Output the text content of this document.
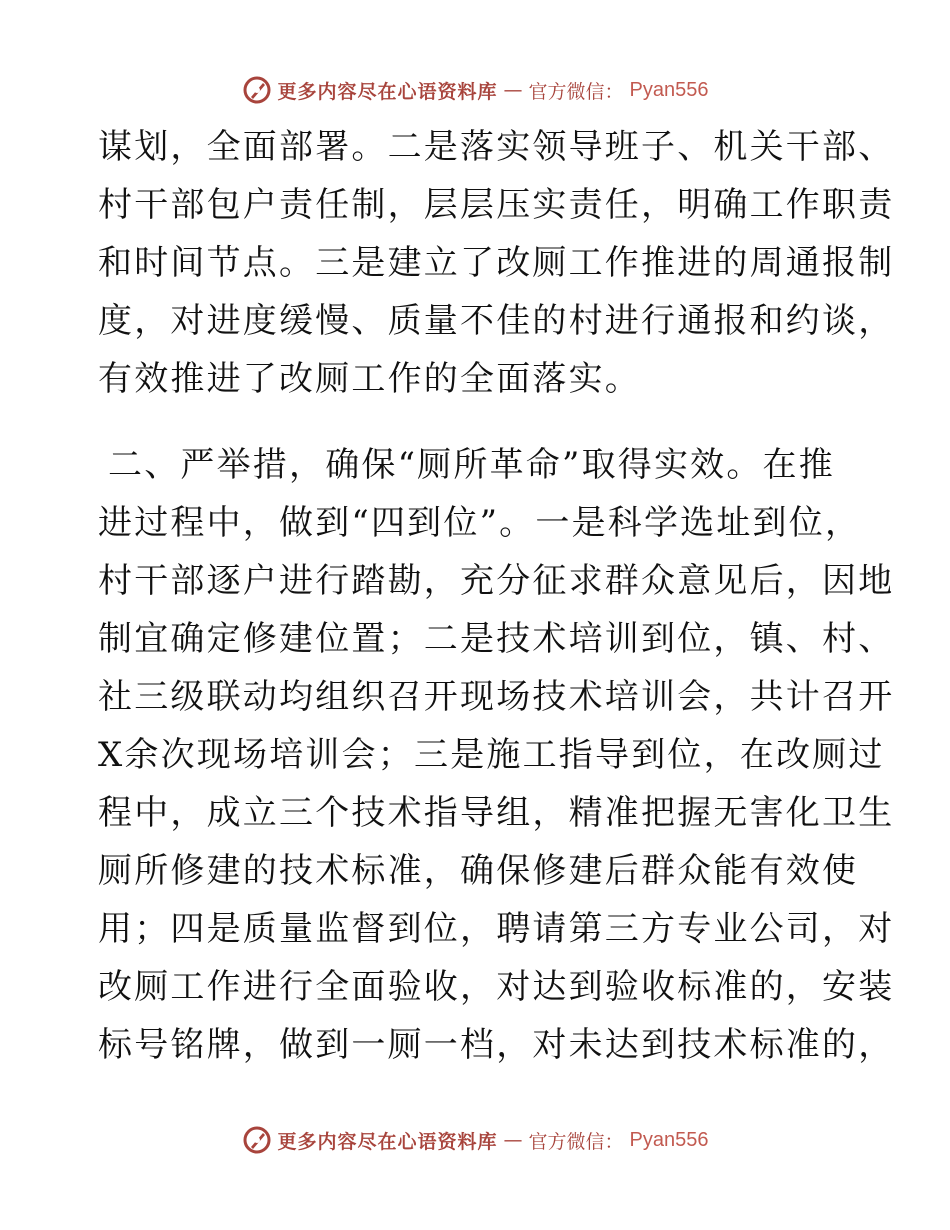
更多内容尽在心语资料库 — 官方微信： Pyan556
谋划，全面部署。二是落实领导班子、机关干部、
村干部包户责任制，层层压实责任，明确工作职责
和时间节点。三是建立了改厕工作推进的周通报制
度，对进度缓慢、质量不佳的村进行通报和约谈，
有效推进了改厕工作的全面落实。
二、严举措，确保“厕所革命”取得实效。在推
进过程中，做到“四到位”。一是科学选址到位，
村干部逐户进行踏勘，充分征求群众意见后，因地
制宜确定修建位置；二是技术培训到位，镇、村、
社三级联动均组织召开现场技术培训会，共计召开
X余次现场培训会；三是施工指导到位，在改厕过
程中，成立三个技术指导组，精准把握无害化卫生
厕所修建的技术标准，确保修建后群众能有效使
用；四是质量监督到位，聘请第三方专业公司，对
改厕工作进行全面验收，对达到验收标准的，安装
标号铭牌，做到一厕一档，对未达到技术标准的，
更多内容尽在心语资料库 — 官方微信： Pyan556
